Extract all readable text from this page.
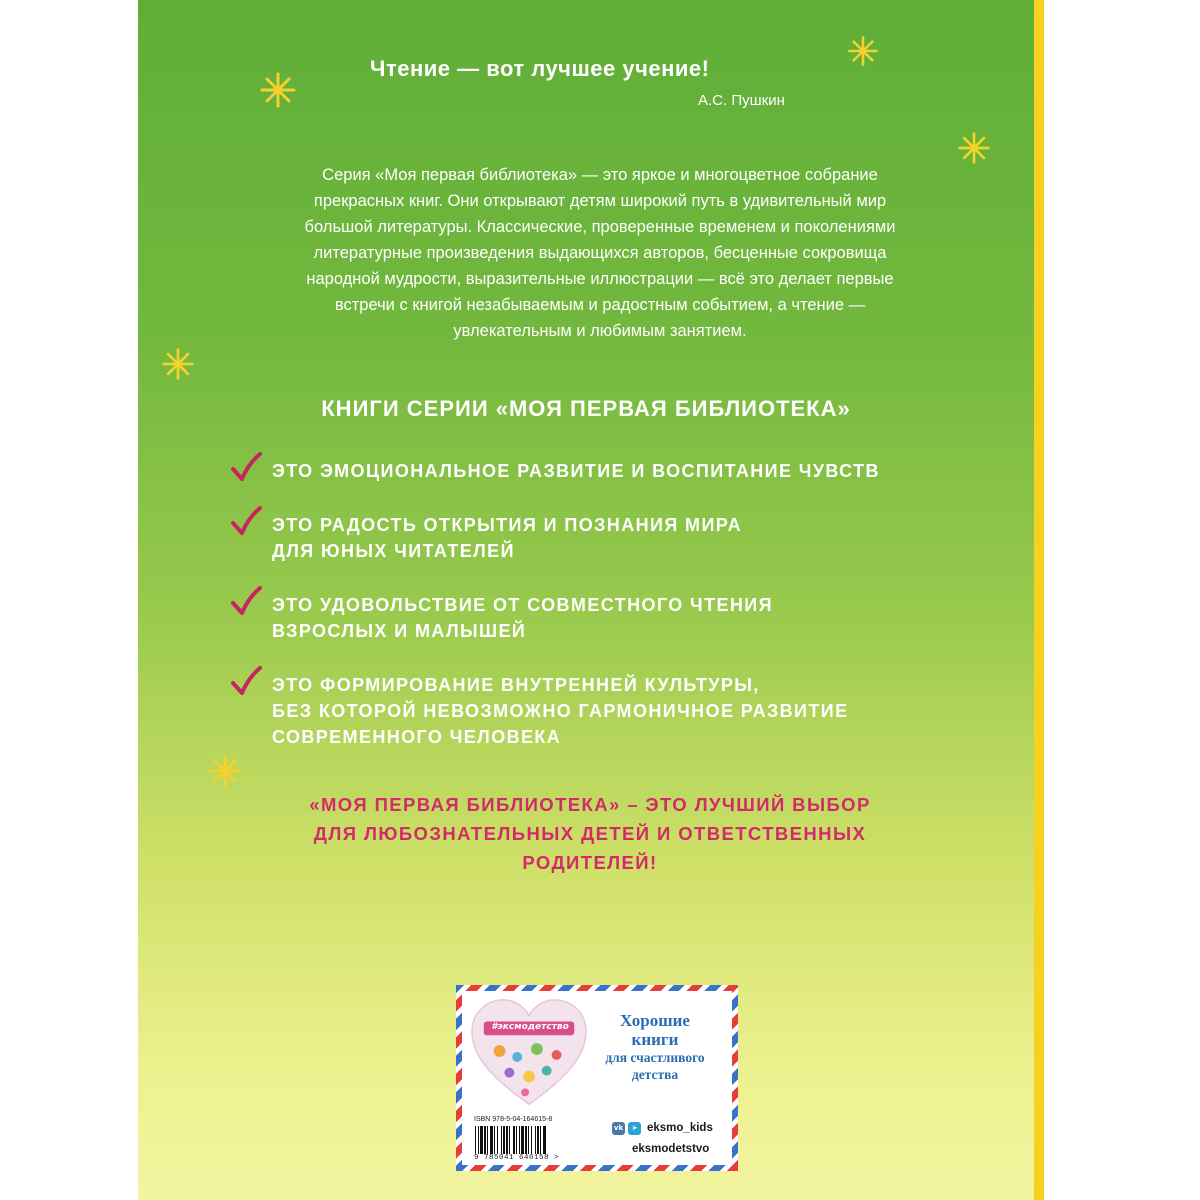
Чтение — вот лучшее учение!
А.С. Пушкин
Серия «Моя первая библиотека» — это яркое и многоцветное собрание
прекрасных книг. Они открывают детям широкий путь в удивительный мир
большой литературы. Классические, проверенные временем и поколениями
литературные произведения выдающихся авторов, бесценные сокровища
народной мудрости, выразительные иллюстрации — всё это делает первые
встречи с книгой незабываемым и радостным событием, а чтение —
увлекательным и любимым занятием.
КНИГИ СЕРИИ «МОЯ ПЕРВАЯ БИБЛИОТЕКА»
ЭТО ЭМОЦИОНАЛЬНОЕ РАЗВИТИЕ И ВОСПИТАНИЕ ЧУВСТВ
ЭТО РАДОСТЬ ОТКРЫТИЯ И ПОЗНАНИЯ МИРА
ДЛЯ ЮНЫХ ЧИТАТЕЛЕЙ
ЭТО УДОВОЛЬСТВИЕ ОТ СОВМЕСТНОГО ЧТЕНИЯ
ВЗРОСЛЫХ И МАЛЫШЕЙ
ЭТО ФОРМИРОВАНИЕ ВНУТРЕННЕЙ КУЛЬТУРЫ,
БЕЗ КОТОРОЙ НЕВОЗМОЖНО ГАРМОНИЧНОЕ РАЗВИТИЕ
СОВРЕМЕННОГО ЧЕЛОВЕКА
«МОЯ ПЕРВАЯ БИБЛИОТЕКА» – ЭТО ЛУЧШИЙ ВЫБОР
ДЛЯ ЛЮБОЗНАТЕЛЬНЫХ ДЕТЕЙ И ОТВЕТСТВЕННЫХ
РОДИТЕЛЕЙ!
#эксмодетство	Хорошие
книги
для счастливого
детства
ISBN 978-5-04-164615-8
9 785041 646158 >
vk	➤ eksmo_kids
eksmodetstvo
